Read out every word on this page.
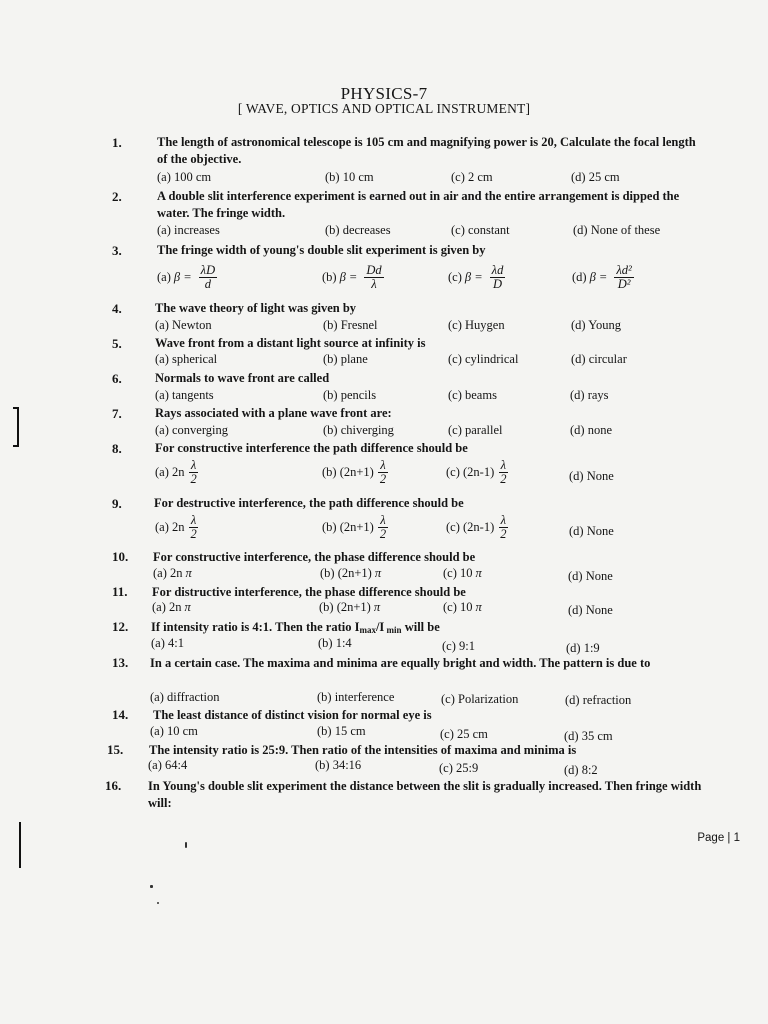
PHYSICS-7
[ WAVE, OPTICS AND OPTICAL INSTRUMENT]
1.	The length of astronomical telescope is 105 cm and magnifying power is 20, Calculate the focal length of the objective.
(a) 100 cm	(b) 10 cm	(c) 2 cm	(d) 25 cm
2.	A double slit interference experiment is earned out in air and the entire arrangement is dipped the water. The fringe width.
(a) increases	(b) decreases	(c) constant	(d) None of these
3.	The fringe width of young's double slit experiment is given by
(a) $\beta = \frac{\lambda D}{d}$	(b) $\beta = \frac{Dd}{\lambda}$	(c) $\beta = \frac{\lambda d}{D}$	(d) $\beta = \frac{\text{λd²}}{\text{D²}}$
4.	The wave theory of light was given by
(a) Newton	(b) Fresnel	(c) Huygen	(d) Young
5.	Wave front from a distant light source at infinity is
(a) spherical	(b) plane	(c) cylindrical	(d) circular
6.	Normals to wave front are called
(a) tangents	(b) pencils	(c) beams	(d) rays
7.	Rays associated with a plane wave front are:
(a) converging	(b) chiverging	(c) parallel	(d) none
8.	For constructive interference the path difference should be
(a) $2n \frac{\lambda}{2}$	(b) $(2n+1) \frac{\lambda}{2}$	(c) $(2n-1) \frac{\lambda}{2}$	(d) None
9.	For destructive interference, the path difference should be
(a) $2n \frac{\lambda}{2}$	(b) $(2n+1) \frac{\lambda}{2}$	(c) $(2n-1) \frac{\lambda}{2}$	(d) None
10. For constructive interference, the phase difference should be
(a) 2n π	(b) (2n+1) π	(c) 10 π	(d) None
11. For distructive interference, the phase difference should be
(a) 2n π	(b) (2n+1) π	(c) 10 π	(d) None
12. If intensity ratio is 4:1. Then the ratio $I_{max}/I$ $_{min}$ will be
(a) 4:1	(b) 1:4	(c) 9:1	(d) 1:9
13. In a certain case. The maxima and minima are equally bright and width. The pattern is due to
(a) diffraction	(b) interference	(c) Polarization	(d) refraction
14. The least distance of distinct vision for normal eye is
(a) 10 cm	(b) 15 cm	(c) 25 cm	(d) 35 cm
15. The intensity ratio is 25:9. Then ratio of the intensities of maxima and minima is
(a) 64:4	(b) 34:16	(c) 25:9	(d) 8:2
16. In Young's double slit experiment the distance between the slit is gradually increased. Then fringe width will:
Page | 1
